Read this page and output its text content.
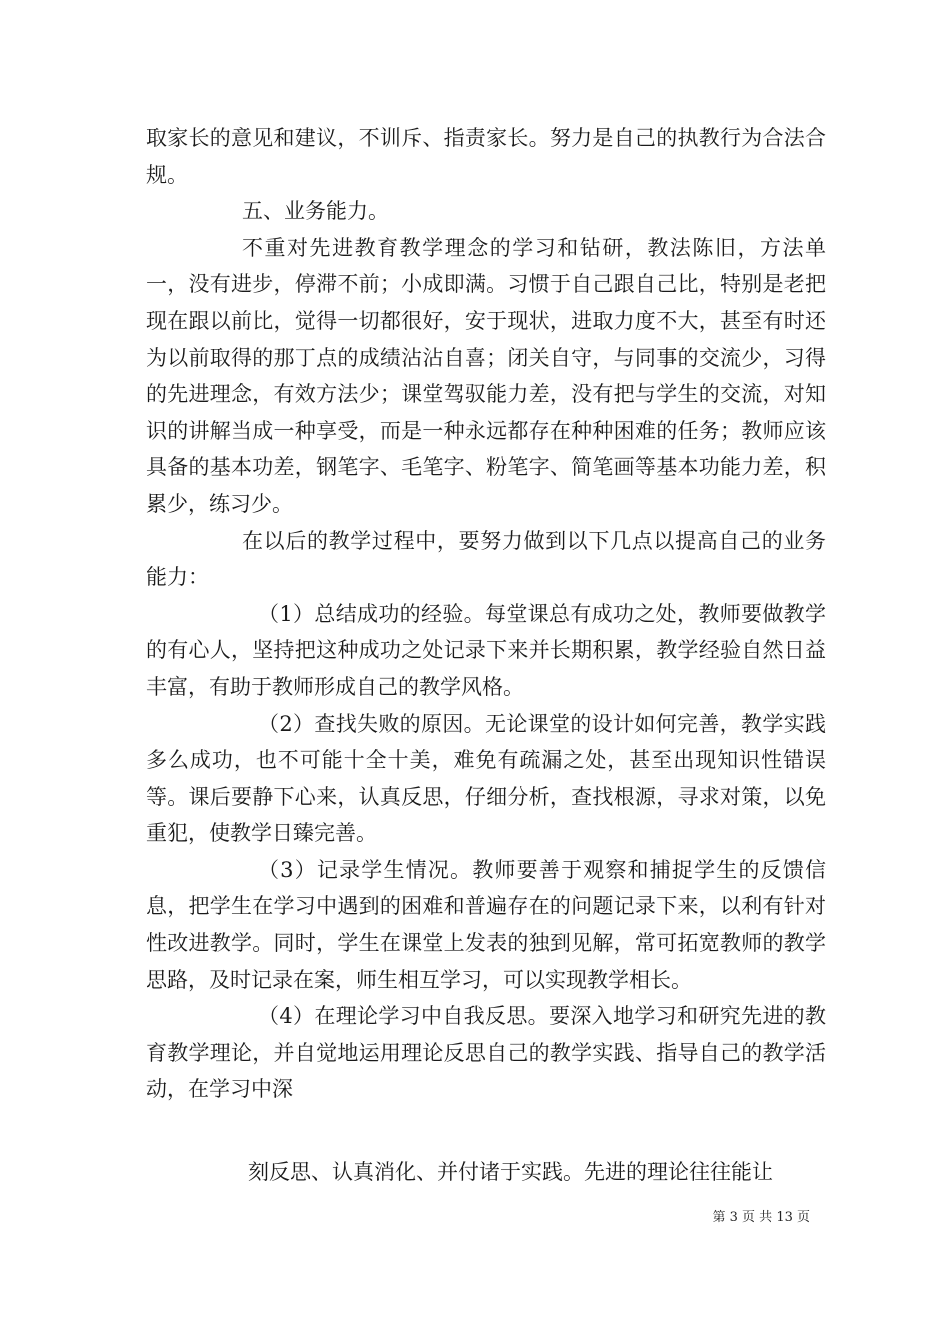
取家长的意见和建议，不训斥、指责家长。努力是自己的执教行为合法合规。

五、业务能力。

不重对先进教育教学理念的学习和钻研，教法陈旧，方法单一，没有进步，停滞不前；小成即满。习惯于自己跟自己比，特别是老把现在跟以前比，觉得一切都很好，安于现状，进取力度不大，甚至有时还为以前取得的那丁点的成绩沾沾自喜；闭关自守，与同事的交流少，习得的先进理念，有效方法少；课堂驾驭能力差，没有把与学生的交流，对知识的讲解当成一种享受，而是一种永远都存在种种困难的任务；教师应该具备的基本功差，钢笔字、毛笔字、粉笔字、简笔画等基本功能力差，积累少，练习少。

在以后的教学过程中，要努力做到以下几点以提高自己的业务能力：

（1）总结成功的经验。每堂课总有成功之处，教师要做教学的有心人，坚持把这种成功之处记录下来并长期积累，教学经验自然日益丰富，有助于教师形成自己的教学风格。

（2）查找失败的原因。无论课堂的设计如何完善，教学实践多么成功，也不可能十全十美，难免有疏漏之处，甚至出现知识性错误等。课后要静下心来，认真反思，仔细分析，查找根源，寻求对策，以免重犯，使教学日臻完善。

（3）记录学生情况。教师要善于观察和捕捉学生的反馈信息，把学生在学习中遇到的困难和普遍存在的问题记录下来，以利有针对性改进教学。同时，学生在课堂上发表的独到见解，常可拓宽教师的教学思路，及时记录在案，师生相互学习，可以实现教学相长。

（4）在理论学习中自我反思。要深入地学习和研究先进的教育教学理论，并自觉地运用理论反思自己的教学实践、指导自己的教学活动，在学习中深

刻反思、认真消化、并付诸于实践。先进的理论往往能让
第 3 页 共 13 页
